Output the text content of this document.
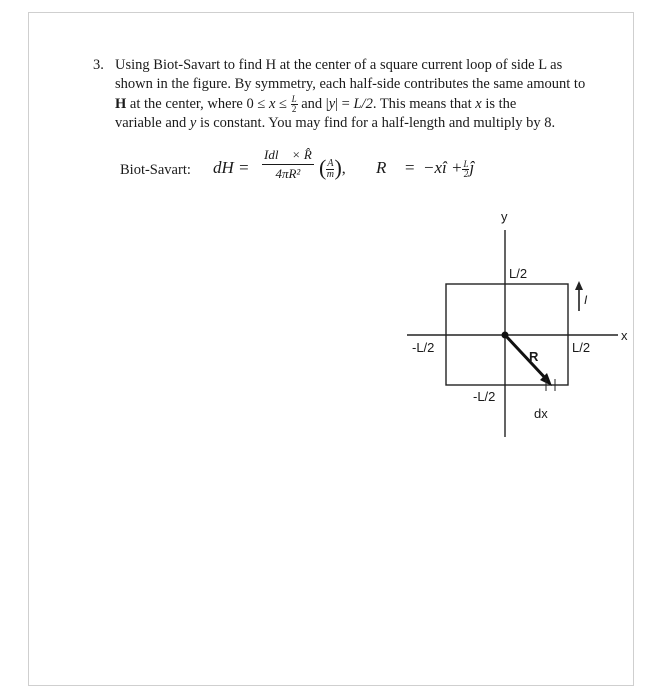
3. Using Biot-Savart to find H at the center of a square current loop of side L as
shown in the figure. By symmetry, each half-side contributes the same amount to
H at the center, where $0 \le x \le \frac{L}{2}$ and |y| = L/2. This means that x is the
variable and y is constant. You may find for a half-length and multiply by 8.
Biot-Savart: dH = $\frac{\text{Idl⃗ × R̂}}{\text{4πR²}}$ ( $\frac{A}{m}$ ), R⃗ = −xî + $\frac{L}{2}$ ĵ
y
x
L/2
-L/2	L/2
-L/2
R
dx
I
